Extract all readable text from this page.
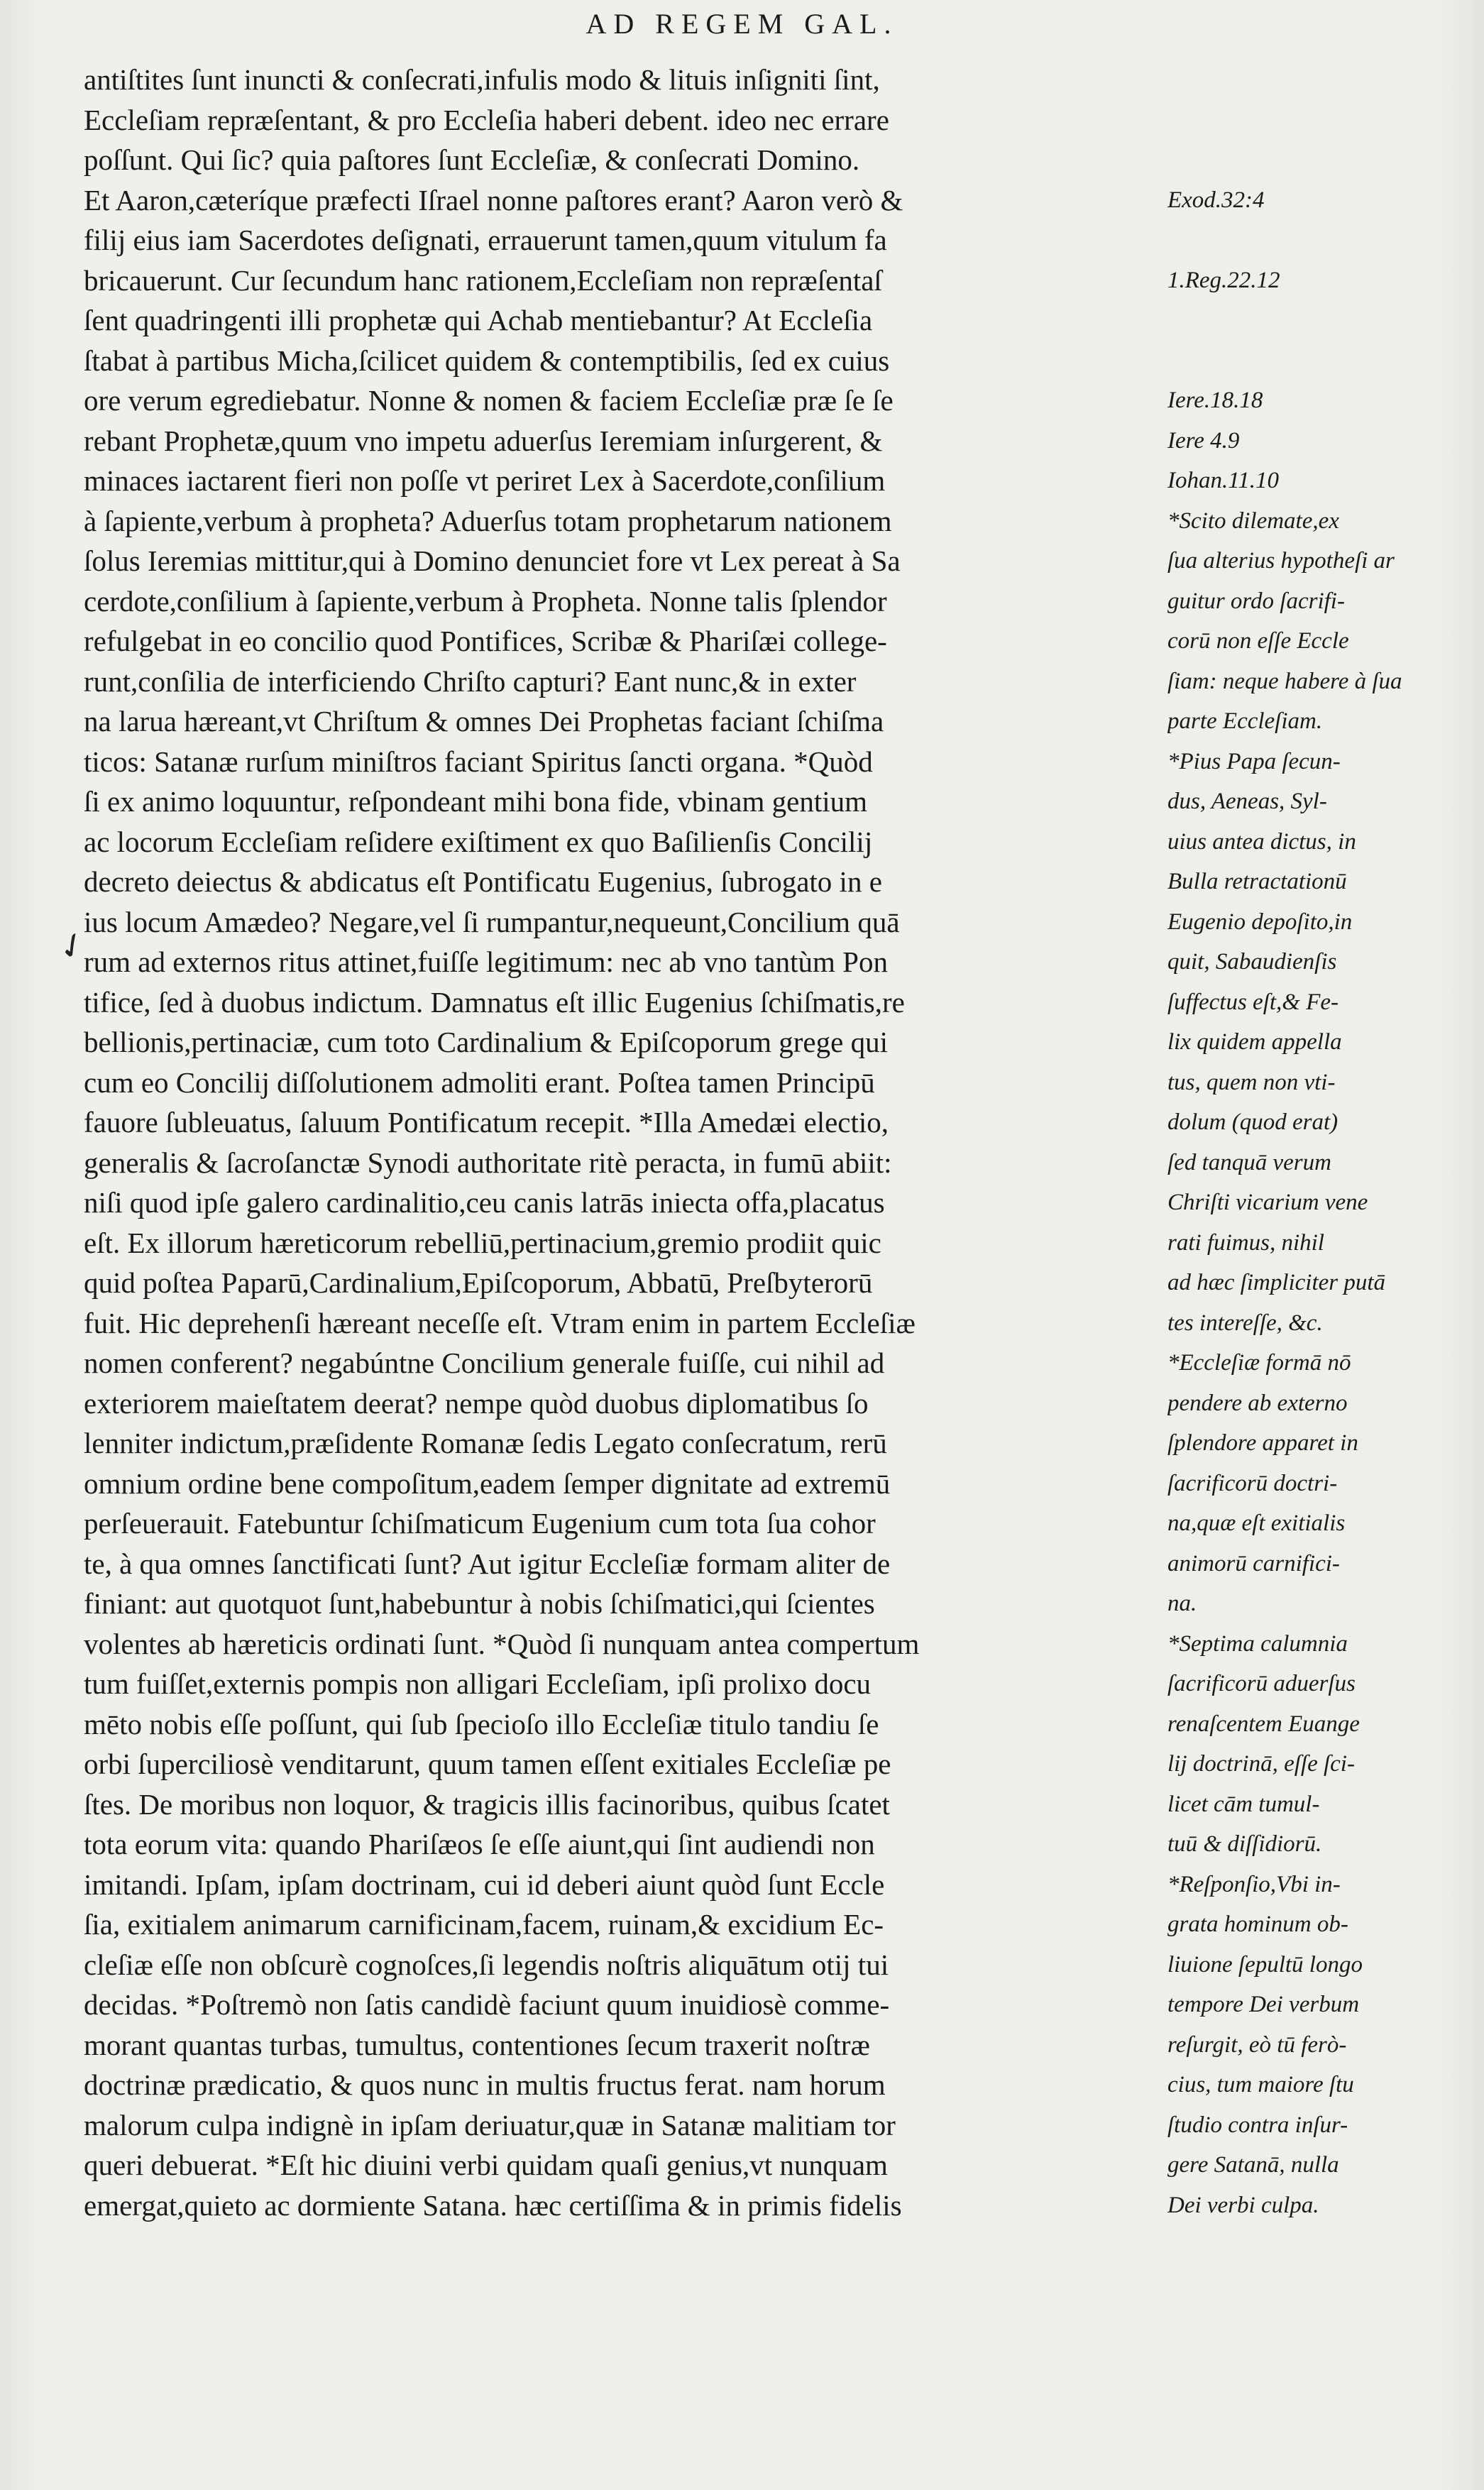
AD REGEM GAL.
antiſtites ſunt inuncti & conſecrati,infulis modo & lituis inſigniti ſint,
Eccleſiam repræſentant, & pro Eccleſia haberi debent. ideo nec errare
poſſunt. Qui ſic? quia paſtores ſunt Eccleſiæ, & conſecrati Domino.
Et Aaron,cæteríque præfecti Iſrael nonne paſtores erant? Aaron verò &
filij eius iam Sacerdotes deſignati, errauerunt tamen,quum vitulum fa
bricauerunt. Cur ſecundum hanc rationem,Eccleſiam non repræſentaſ
ſent quadringenti illi prophetæ qui Achab mentiebantur? At Eccleſia
ſtabat à partibus Micha,ſcilicet quidem & contemptibilis, ſed ex cuius
ore verum egrediebatur. Nonne & nomen & faciem Eccleſiæ præ ſe ſe
rebant Prophetæ,quum vno impetu aduerſus Ieremiam inſurgerent, &
minaces iactarent fieri non poſſe vt periret Lex à Sacerdote,conſilium
à ſapiente,verbum à propheta? Aduerſus totam prophetarum nationem
ſolus Ieremias mittitur,qui à Domino denunciet fore vt Lex pereat à Sa
cerdote,conſilium à ſapiente,verbum à Propheta. Nonne talis ſplendor
refulgebat in eo concilio quod Pontifices, Scribæ & Phariſæi college-
runt,conſilia de interficiendo Chriſto capturi? Eant nunc,& in exter
na larua hæreant,vt Chriſtum & omnes Dei Prophetas faciant ſchiſma
ticos: Satanæ rurſum miniſtros faciant Spiritus ſancti organa. *Quòd
ſi ex animo loquuntur, reſpondeant mihi bona fide, vbinam gentium
ac locorum Eccleſiam reſidere exiſtiment ex quo Baſilienſis Concilij
decreto deiectus & abdicatus eſt Pontificatu Eugenius, ſubrogato in e
ius locum Amædeo? Negare,vel ſi rumpantur,nequeunt,Concilium quā
rum ad externos ritus attinet,fuiſſe legitimum: nec ab vno tantùm Pon
tifice, ſed à duobus indictum. Damnatus eſt illic Eugenius ſchiſmatis,re
bellionis,pertinaciæ, cum toto Cardinalium & Epiſcoporum grege qui
cum eo Concilij diſſolutionem admoliti erant. Poſtea tamen Principū
fauore ſubleuatus, ſaluum Pontificatum recepit. *Illa Amedæi electio,
generalis & ſacroſanctæ Synodi authoritate ritè peracta, in fumū abiit:
niſi quod ipſe galero cardinalitio,ceu canis latrās iniecta offa,placatus
eſt. Ex illorum hæreticorum rebelliū,pertinacium,gremio prodiit quic
quid poſtea Paparū,Cardinalium,Epiſcoporum, Abbatū, Preſbyterorū
fuit. Hic deprehenſi hæreant neceſſe eſt. Vtram enim in partem Eccleſiæ
nomen conferent? negabúntne Concilium generale fuiſſe, cui nihil ad
exteriorem maieſtatem deerat? nempe quòd duobus diplomatibus ſo
lenniter indictum,præſidente Romanæ ſedis Legato conſecratum, rerū
omnium ordine bene compoſitum,eadem ſemper dignitate ad extremū
perſeuerauit. Fatebuntur ſchiſmaticum Eugenium cum tota ſua cohor
te, à qua omnes ſanctificati ſunt? Aut igitur Eccleſiæ formam aliter de
finiant: aut quotquot ſunt,habebuntur à nobis ſchiſmatici,qui ſcientes
volentes ab hæreticis ordinati ſunt. *Quòd ſi nunquam antea compertum
tum fuiſſet,externis pompis non alligari Eccleſiam, ipſi prolixo docu
mēto nobis eſſe poſſunt, qui ſub ſpecioſo illo Eccleſiæ titulo tandiu ſe
orbi ſuperciliosè venditarunt, quum tamen eſſent exitiales Eccleſiæ pe
ſtes. De moribus non loquor, & tragicis illis facinoribus, quibus ſcatet
tota eorum vita: quando Phariſæos ſe eſſe aiunt,qui ſint audiendi non
imitandi. Ipſam, ipſam doctrinam, cui id deberi aiunt quòd ſunt Eccle
ſia, exitialem animarum carnificinam,facem, ruinam,& excidium Ec-
cleſiæ eſſe non obſcurè cognoſces,ſi legendis noſtris aliquātum otij tui
decidas. *Poſtremò non ſatis candidè faciunt quum inuidiosè comme-
morant quantas turbas, tumultus, contentiones ſecum traxerit noſtræ
doctrinæ prædicatio, & quos nunc in multis fructus ferat. nam horum
malorum culpa indignè in ipſam deriuatur,quæ in Satanæ malitiam tor
queri debuerat. *Eſt hic diuini verbi quidam quaſi genius,vt nunquam
emergat,quieto ac dormiente Satana. hæc certiſſima & in primis fidelis
Exod.32:4
1.Reg.22.12
Iere.18.18
Iere 4.9
Iohan.11.10
*Scito dilemate,ex
ſua alterius hypotheſi ar
guitur ordo ſacrifi-
corū non eſſe Eccle
ſiam: neque habere à ſua
parte Eccleſiam.
*Pius Papa ſecun-
dus, Aeneas, Syl-
uius antea dictus, in
Bulla retractationū
Eugenio depoſito,in
quit, Sabaudienſis
ſuffectus eſt,& Fe-
lix quidem appella
tus, quem non vti-
dolum (quod erat)
ſed tanquā verum
Chriſti vicarium vene
rati fuimus, nihil
ad hæc ſimpliciter putā
tes intereſſe, &c.
*Eccleſiæ formā nō
pendere ab externo
ſplendore apparet in
ſacrificorū doctri-
na,quæ eſt exitialis
animorū carnifici-
na.
*Septima calumnia
ſacrificorū aduerſus
renaſcentem Euange
lij doctrinā, eſſe ſci-
licet cām tumul-
tuū & diſſidiorū.
*Reſponſio,Vbi in-
grata hominum ob-
liuione ſepultū longo
tempore Dei verbum
reſurgit, eò tū ferò-
cius, tum maiore ſtu
ſtudio contra inſur-
gere Satanā, nulla
Dei verbi culpa.
✓
